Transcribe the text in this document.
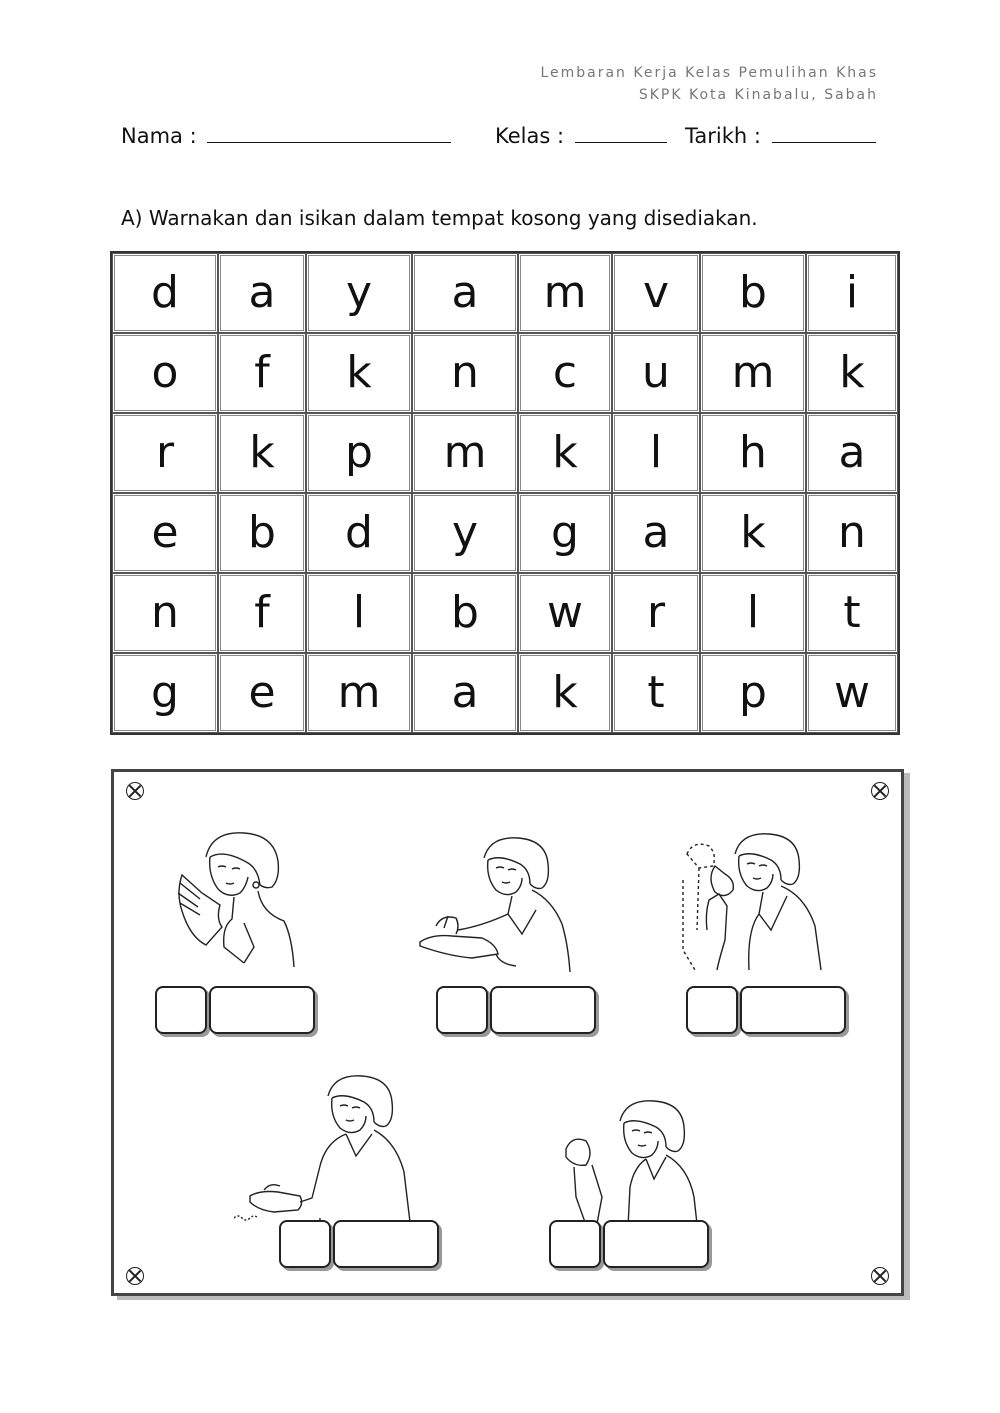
Lembaran Kerja Kelas Pemulihan Khas
SKPK Kota Kinabalu, Sabah
Nama :	Kelas :	Tarikh :
A) Warnakan dan isikan dalam tempat kosong yang disediakan.
d	a	y	a	m	v	b	i
o	f	k	n	c	u	m	k
r	k	p	m	k	l	h	a
e	b	d	y	g	a	k	n
n	f	l	b	w	r	l	t
g	e	m	a	k	t	p	w
